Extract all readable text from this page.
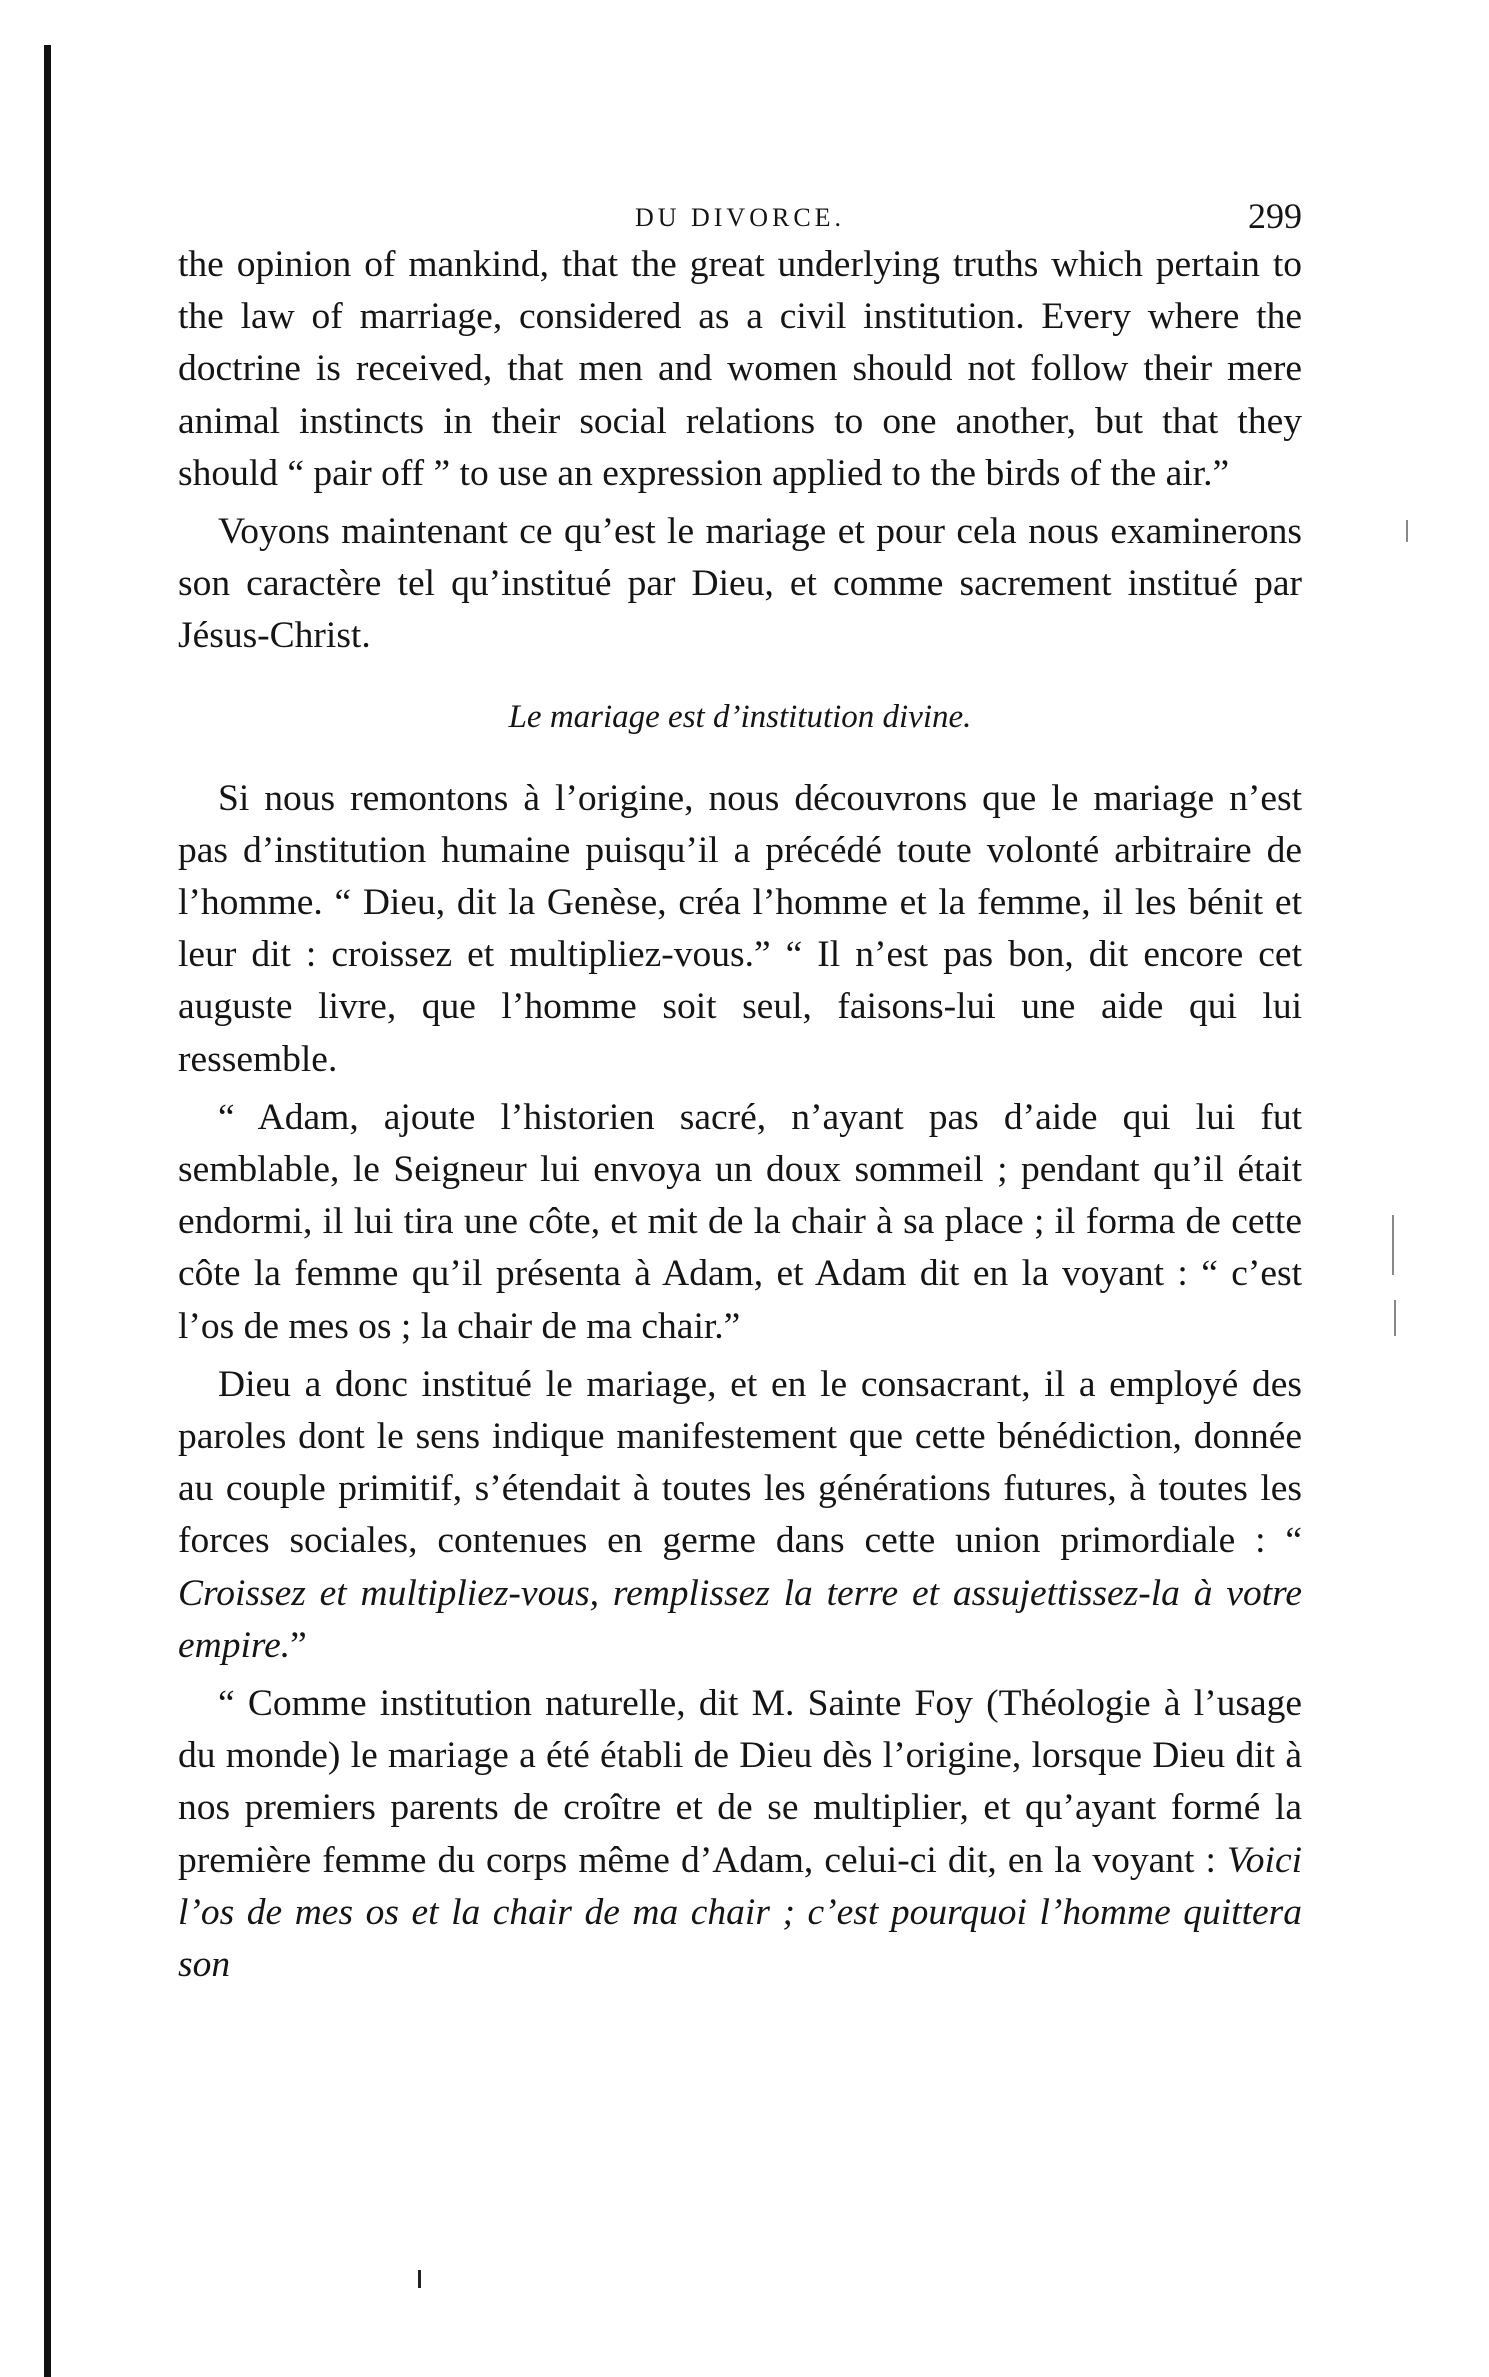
DU DIVORCE.	299

the opinion of mankind, that the great underlying truths which pertain to the law of marriage, considered as a civil institution. Every where the doctrine is received, that men and women should not follow their mere animal instincts in their social relations to one another, but that they should “ pair off ” to use an expression applied to the birds of the air.”

Voyons maintenant ce qu’est le mariage et pour cela nous examinerons son caractère tel qu’institué par Dieu, et comme sacrement institué par Jésus-Christ.

Le mariage est d’institution divine.

Si nous remontons à l’origine, nous découvrons que le mariage n’est pas d’institution humaine puisqu’il a précédé toute volonté arbitraire de l’homme. “ Dieu, dit la Genèse, créa l’homme et la femme, il les bénit et leur dit : croissez et multipliez-vous.” “ Il n’est pas bon, dit encore cet auguste livre, que l’homme soit seul, faisons-lui une aide qui lui ressemble.

“ Adam, ajoute l’historien sacré, n’ayant pas d’aide qui lui fut semblable, le Seigneur lui envoya un doux sommeil ; pendant qu’il était endormi, il lui tira une côte, et mit de la chair à sa place ; il forma de cette côte la femme qu’il présenta à Adam, et Adam dit en la voyant : “ c’est l’os de mes os ; la chair de ma chair.”

Dieu a donc institué le mariage, et en le consacrant, il a employé des paroles dont le sens indique manifestement que cette bénédiction, donnée au couple primitif, s’étendait à toutes les générations futures, à toutes les forces sociales, contenues en germe dans cette union primordiale : “ Croissez et multipliez-vous, remplissez la terre et assujettissez-la à votre empire.”

“ Comme institution naturelle, dit M. Sainte Foy (Théologie à l’usage du monde) le mariage a été établi de Dieu dès l’origine, lorsque Dieu dit à nos premiers parents de croître et de se multiplier, et qu’ayant formé la première femme du corps même d’Adam, celui-ci dit, en la voyant : Voici l’os de mes os et la chair de ma chair ; c’est pourquoi l’homme quittera son
